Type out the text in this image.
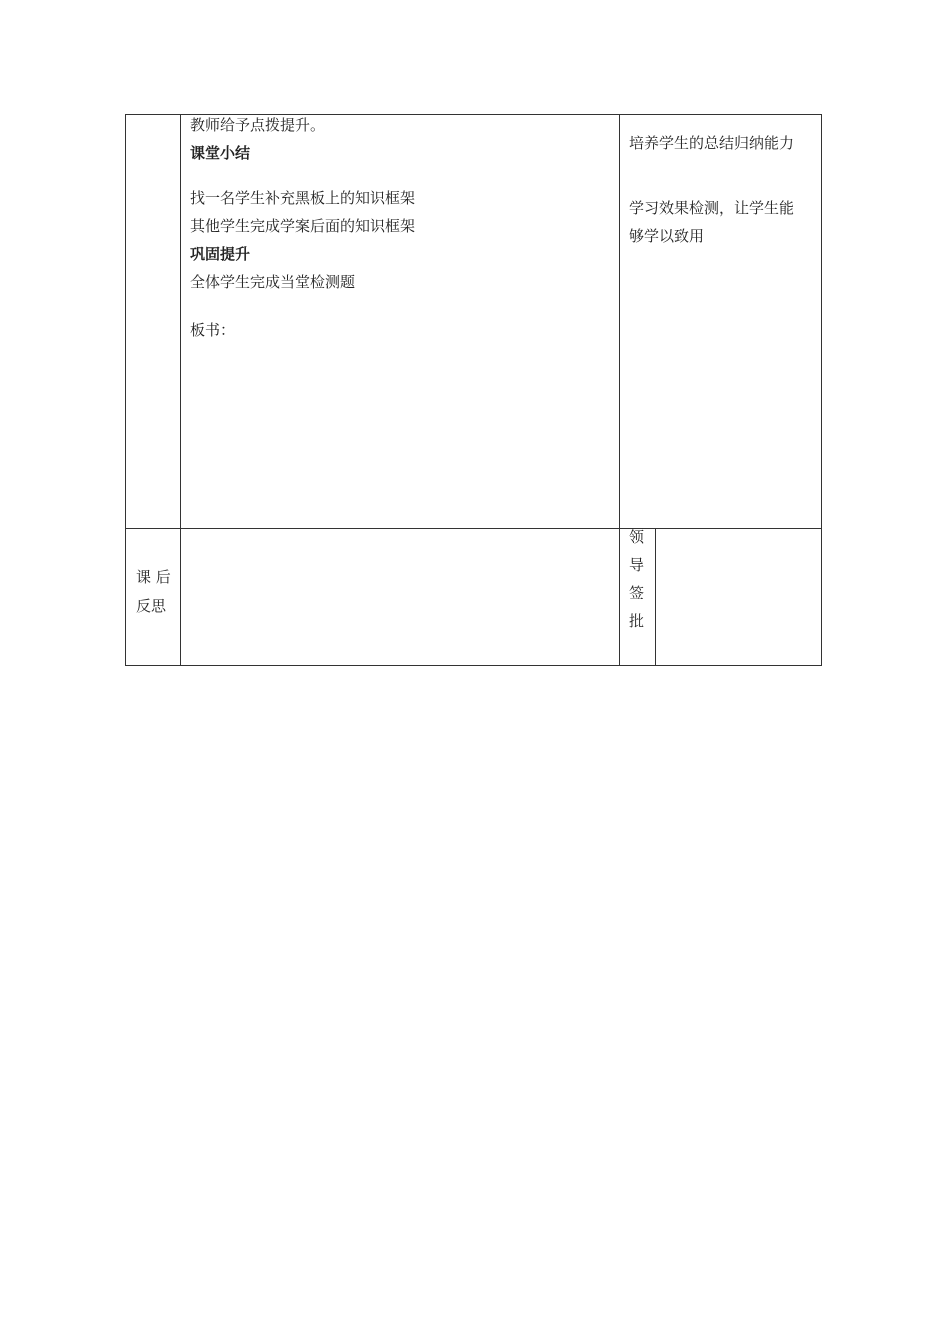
教师给予点拨提升。
课堂小结
找一名学生补充黑板上的知识框架
其他学生完成学案后面的知识框架
巩固提升
全体学生完成当堂检测题
板书：
培养学生的总结归纳能力
学习效果检测，让学生能
够学以致用
课 后
反思
领
导
签
批
